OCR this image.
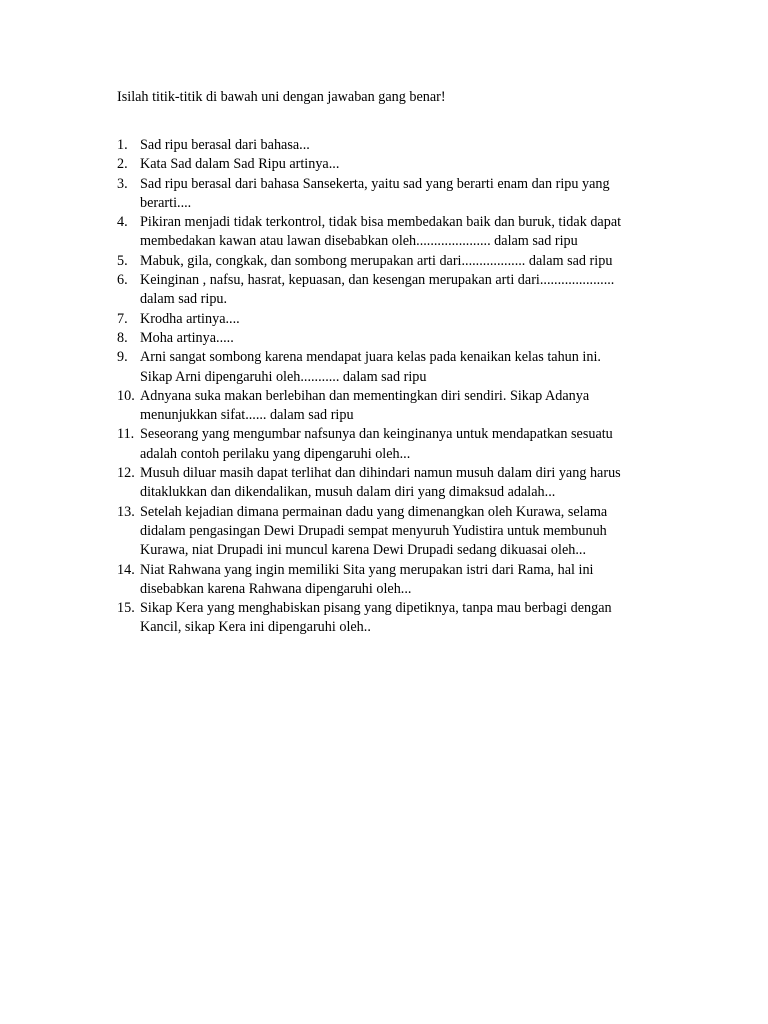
Isilah titik-titik di bawah uni dengan jawaban gang benar!
1. Sad ripu berasal dari bahasa...
2. Kata Sad dalam Sad Ripu artinya...
3. Sad ripu berasal dari bahasa Sansekerta, yaitu sad yang berarti enam dan ripu yang
berarti....
4. Pikiran menjadi tidak terkontrol, tidak bisa membedakan baik dan buruk, tidak dapat
membedakan kawan atau lawan disebabkan oleh..................... dalam sad ripu
5. Mabuk, gila, congkak, dan sombong merupakan arti dari.................. dalam sad ripu
6. Keinginan , nafsu, hasrat, kepuasan, dan kesengan merupakan arti dari.....................
dalam sad ripu.
7. Krodha artinya....
8. Moha artinya.....
9. Arni sangat sombong karena mendapat juara kelas pada kenaikan kelas tahun ini.
Sikap Arni dipengaruhi oleh........... dalam sad ripu
10. Adnyana suka makan berlebihan dan mementingkan diri sendiri. Sikap Adanya
menunjukkan sifat...... dalam sad ripu
11. Seseorang yang mengumbar nafsunya dan keinginanya untuk mendapatkan sesuatu
adalah contoh perilaku yang dipengaruhi oleh...
12. Musuh diluar masih dapat terlihat dan dihindari namun musuh dalam diri yang harus
ditaklukkan dan dikendalikan, musuh dalam diri yang dimaksud adalah...
13. Setelah kejadian dimana permainan dadu yang dimenangkan oleh Kurawa, selama
didalam pengasingan Dewi Drupadi sempat menyuruh Yudistira untuk membunuh
Kurawa, niat Drupadi ini muncul karena Dewi Drupadi sedang dikuasai oleh...
14. Niat Rahwana yang ingin memiliki Sita yang merupakan istri dari Rama, hal ini
disebabkan karena Rahwana dipengaruhi oleh...
15. Sikap Kera yang menghabiskan pisang yang dipetiknya, tanpa mau berbagi dengan
Kancil, sikap Kera ini dipengaruhi oleh..
